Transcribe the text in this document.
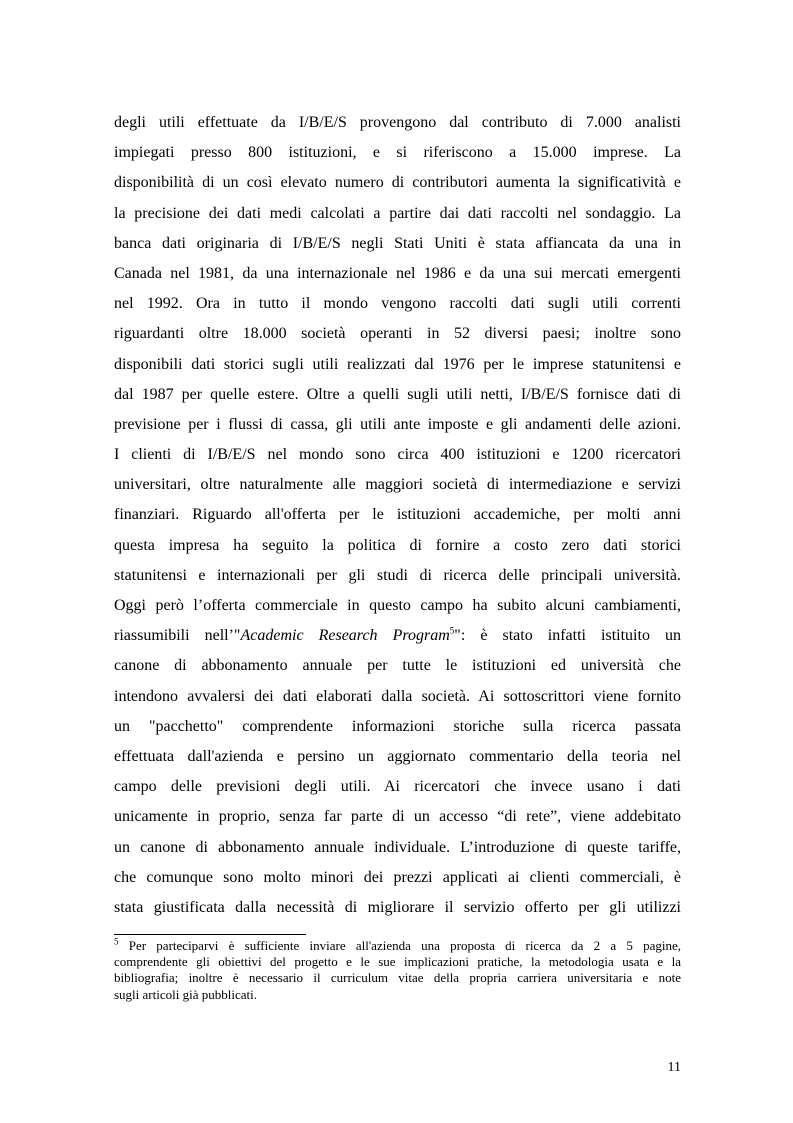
degli utili effettuate da I/B/E/S provengono dal contributo di 7.000 analisti
impiegati presso 800 istituzioni, e si riferiscono a 15.000 imprese. La
disponibilità di un così elevato numero di contributori aumenta la significatività e
la precisione dei dati medi calcolati a partire dai dati raccolti nel sondaggio. La
banca dati originaria di I/B/E/S negli Stati Uniti è stata affiancata da una in
Canada nel 1981, da una internazionale nel 1986 e da una sui mercati emergenti
nel 1992. Ora in tutto il mondo vengono raccolti dati sugli utili correnti
riguardanti oltre 18.000 società operanti in 52 diversi paesi; inoltre sono
disponibili dati storici sugli utili realizzati dal 1976 per le imprese statunitensi e
dal 1987 per quelle estere. Oltre a quelli sugli utili netti, I/B/E/S fornisce dati di
previsione per i flussi di cassa, gli utili ante imposte e gli andamenti delle azioni.
I clienti di I/B/E/S nel mondo sono circa 400 istituzioni e 1200 ricercatori
universitari, oltre naturalmente alle maggiori società di intermediazione e servizi
finanziari. Riguardo all'offerta per le istituzioni accademiche, per molti anni
questa impresa ha seguito la politica di fornire a costo zero dati storici
statunitensi e internazionali per gli studi di ricerca delle principali università.
Oggi però l’offerta commerciale in questo campo ha subito alcuni cambiamenti,
riassumibili nell’"Academic Research Program$^5$": è stato infatti istituito un
canone di abbonamento annuale per tutte le istituzioni ed università che
intendono avvalersi dei dati elaborati dalla società. Ai sottoscrittori viene fornito
un "pacchetto" comprendente informazioni storiche sulla ricerca passata
effettuata dall'azienda e persino un aggiornato commentario della teoria nel
campo delle previsioni degli utili. Ai ricercatori che invece usano i dati
unicamente in proprio, senza far parte di un accesso “di rete”, viene addebitato
un canone di abbonamento annuale individuale. L’introduzione di queste tariffe,
che comunque sono molto minori dei prezzi applicati ai clienti commerciali, è
stata giustificata dalla necessità di migliorare il servizio offerto per gli utilizzi
$^5$ Per parteciparvi è sufficiente inviare all'azienda una proposta di ricerca da 2 a 5 pagine,
comprendente gli obiettivi del progetto e le sue implicazioni pratiche, la metodologia usata e la
bibliografia; inoltre è necessario il curriculum vitae della propria carriera universitaria e note
sugli articoli già pubblicati.
11
